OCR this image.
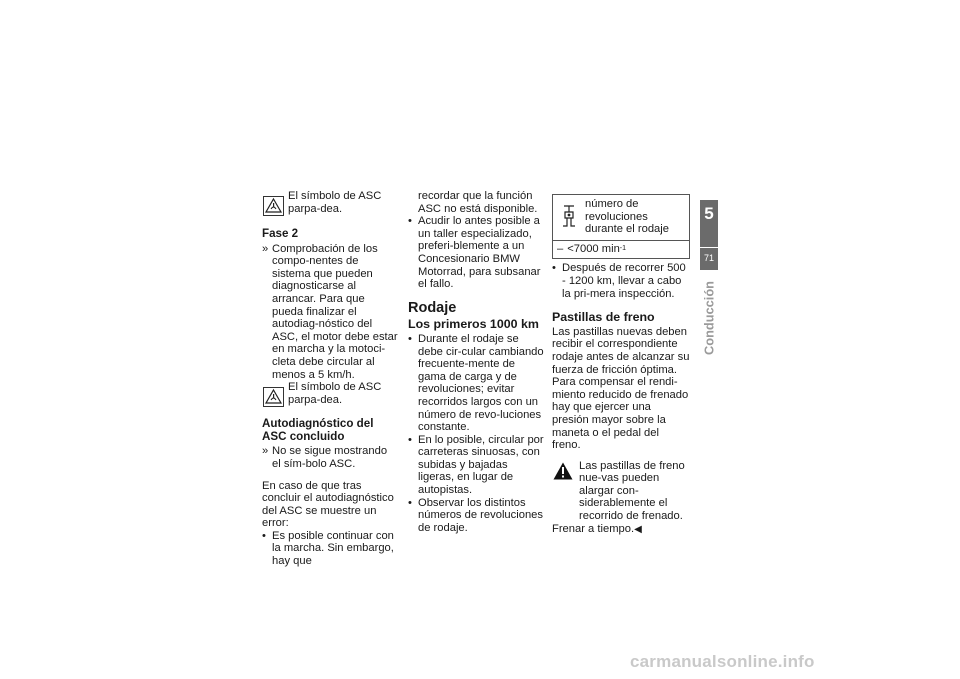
El símbolo de ASC parpa-dea.

Fase 2
» Comprobación de los compo-nentes de sistema que pueden diagnosticarse al arrancar. Para que pueda finalizar el autodiag-nóstico del ASC, el motor debe estar en marcha y la motoci-cleta debe circular al menos a 5 km/h.

El símbolo de ASC parpa-dea.

Autodiagnóstico del ASC concluido
» No se sigue mostrando el sím-bolo ASC.

En caso de que tras concluir el autodiagnóstico del ASC se muestre un error:

• Es posible continuar con la marcha. Sin embargo, hay que

recordar que la función ASC no está disponible.

• Acudir lo antes posible a un taller especializado, preferi-blemente a un Concesionario BMW Motorrad, para subsanar el fallo.
Rodaje
Los primeros 1000 km
• Durante el rodaje se debe cir-cular cambiando frecuente-mente de gama de carga y de revoluciones; evitar recorridos largos con un número de revo-luciones constante.
• En lo posible, circular por carreteras sinuosas, con subidas y bajadas ligeras, en lugar de autopistas.
• Observar los distintos números de revoluciones de rodaje.

número de revoluciones durante el rodaje

– <7000 min -1
• Después de recorrer 500 - 1200 km, llevar a cabo la pri-mera inspección.
Pastillas de freno

Las pastillas nuevas deben recibir el correspondiente rodaje antes de alcanzar su fuerza de fricción óptima. Para compensar el rendi-miento reducido de frenado hay que ejercer una presión mayor sobre la maneta o el pedal del freno.

Las pastillas de freno nue-vas pueden alargar con-siderablemente el recorrido de frenado.

Frenar a tiempo.◀

5
71
Conducción
carmanualsonline.info
